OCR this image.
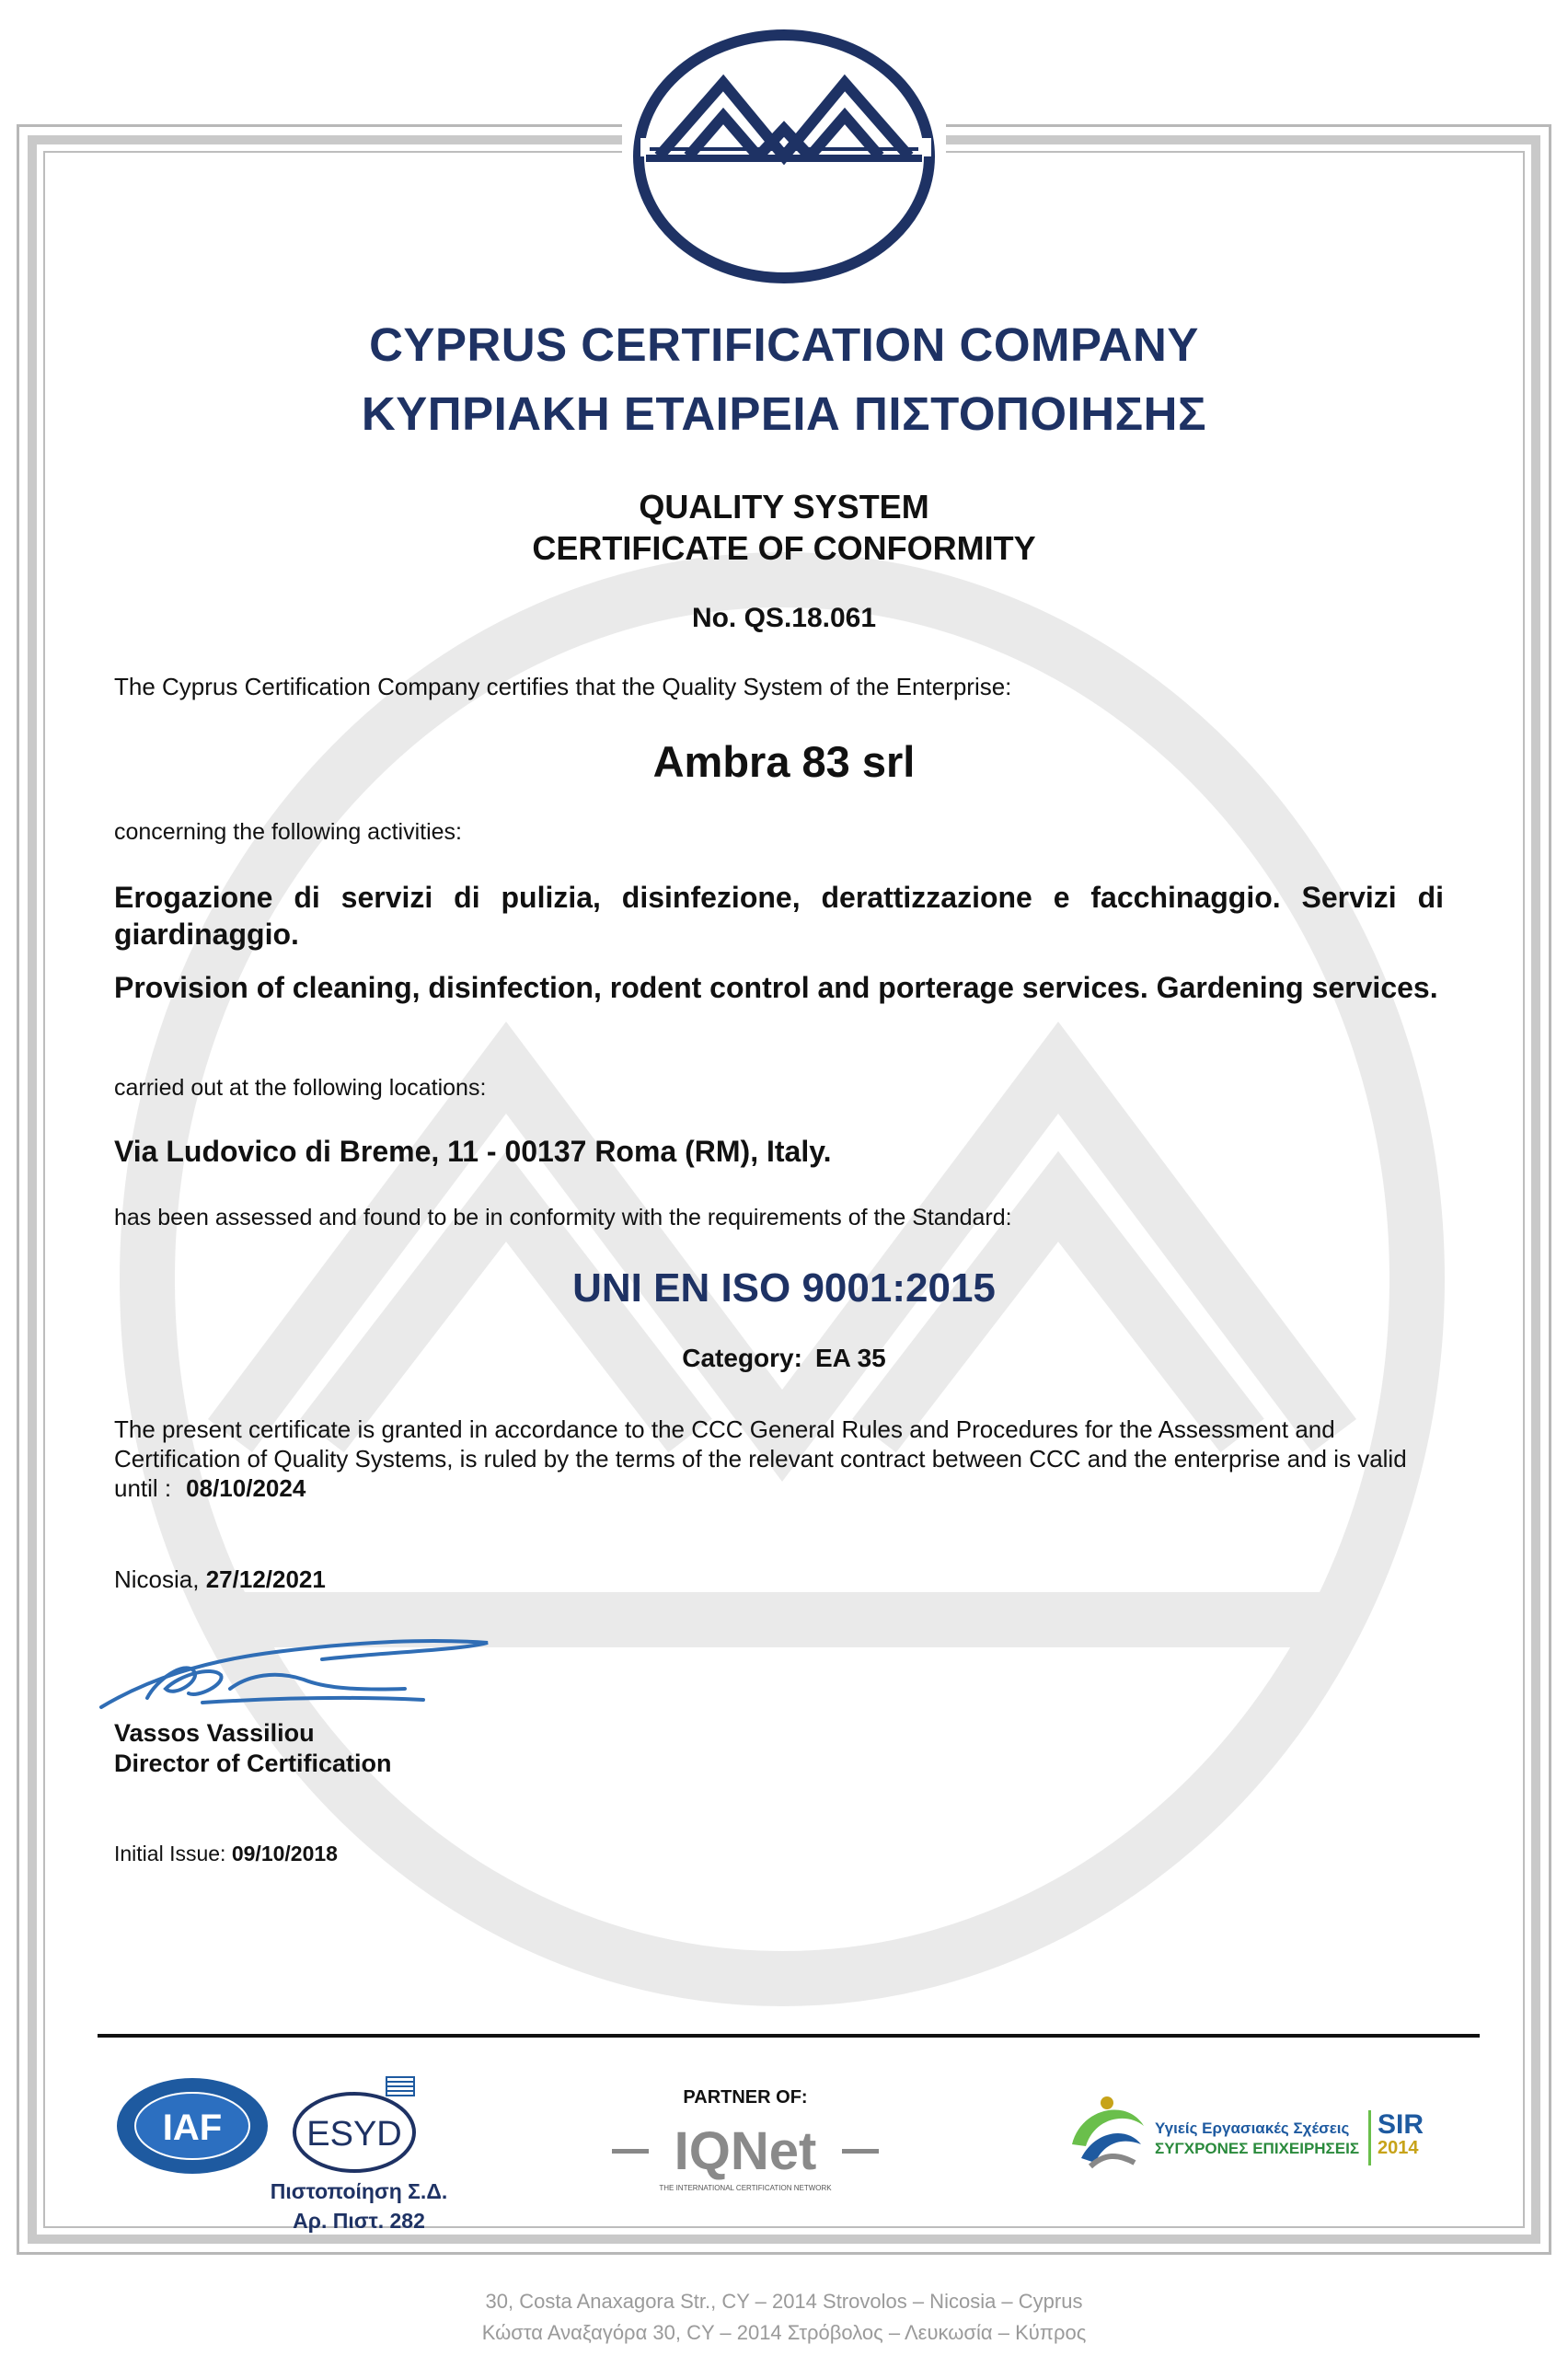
CYPRUS CERTIFICATION COMPANY
ΚΥΠΡΙΑΚΗ ΕΤΑΙΡΕΙΑ ΠΙΣΤΟΠΟΙΗΣΗΣ
QUALITY SYSTEM
CERTIFICATE OF CONFORMITY
No. QS.18.061
The Cyprus Certification Company certifies that the Quality System of the Enterprise:
Ambra 83 srl
concerning the following activities:
Erogazione di servizi di pulizia, disinfezione, derattizzazione e facchinaggio. Servizi di giardinaggio.
Provision of cleaning, disinfection, rodent control and porterage services. Gardening services.
carried out at the following locations:
Via Ludovico di Breme, 11 - 00137 Roma (RM), Italy.
has been assessed and found to be in conformity with the requirements of the Standard:
UNI EN ISO 9001:2015
Category: EA 35
The present certificate is granted in accordance to the CCC General Rules and Procedures for the Assessment and Certification of Quality Systems, is ruled by the terms of the relevant contract between CCC and the enterprise and is valid until : 08/10/2024
Nicosia, 27/12/2021
Vassos Vassiliou
Director of Certification
Initial Issue: 09/10/2018
IAF ESYD
Πιστοποίηση Σ.Δ.
Αρ. Πιστ. 282
PARTNER OF:
IQNet
THE INTERNATIONAL CERTIFICATION NETWORK
Υγιείς Εργασιακές Σχέσεις
ΣΥΓΧΡΟΝΕΣ ΕΠΙΧΕΙΡΗΣΕΙΣ
SIR
2014
30, Costa Anaxagora Str., CY – 2014 Strovolos – Nicosia – Cyprus
Κώστα Αναξαγόρα 30, CY – 2014 Στρόβολος – Λευκωσία – Κύπρος
